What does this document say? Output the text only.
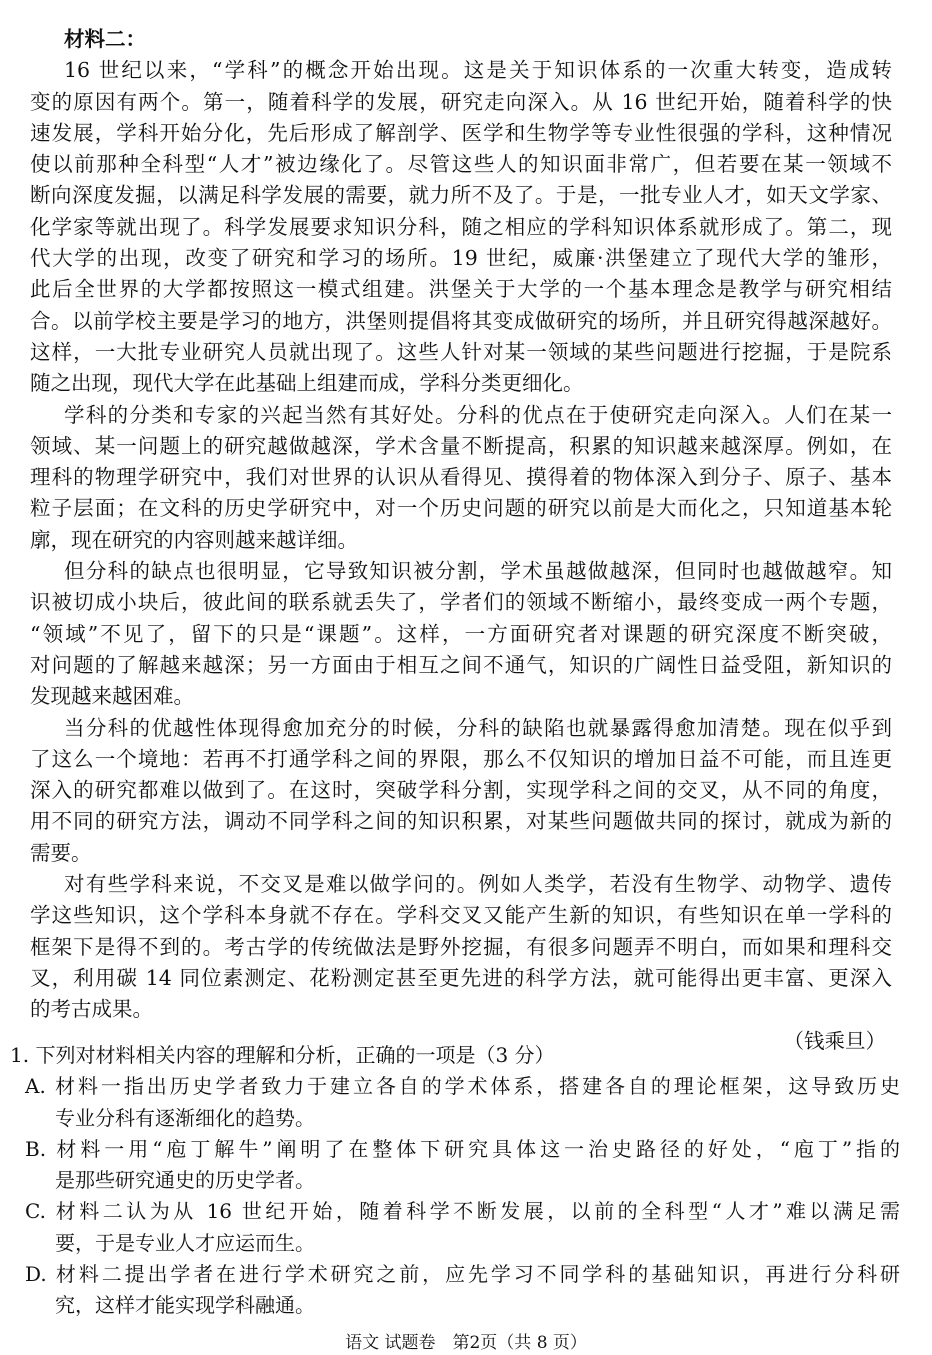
材料二：
16 世纪以来，“学科”的概念开始出现。这是关于知识体系的一次重大转变，造成转
变的原因有两个。第一，随着科学的发展，研究走向深入。从 16 世纪开始，随着科学的快
速发展，学科开始分化，先后形成了解剖学、医学和生物学等专业性很强的学科，这种情况
使以前那种全科型“人才”被边缘化了。尽管这些人的知识面非常广，但若要在某一领域不
断向深度发掘，以满足科学发展的需要，就力所不及了。于是，一批专业人才，如天文学家、
化学家等就出现了。科学发展要求知识分科，随之相应的学科知识体系就形成了。第二，现
代大学的出现，改变了研究和学习的场所。19 世纪，威廉·洪堡建立了现代大学的雏形，
此后全世界的大学都按照这一模式组建。洪堡关于大学的一个基本理念是教学与研究相结
合。以前学校主要是学习的地方，洪堡则提倡将其变成做研究的场所，并且研究得越深越好。
这样，一大批专业研究人员就出现了。这些人针对某一领域的某些问题进行挖掘，于是院系
随之出现，现代大学在此基础上组建而成，学科分类更细化。
学科的分类和专家的兴起当然有其好处。分科的优点在于使研究走向深入。人们在某一
领域、某一问题上的研究越做越深，学术含量不断提高，积累的知识越来越深厚。例如，在
理科的物理学研究中，我们对世界的认识从看得见、摸得着的物体深入到分子、原子、基本
粒子层面；在文科的历史学研究中，对一个历史问题的研究以前是大而化之，只知道基本轮
廓，现在研究的内容则越来越详细。
但分科的缺点也很明显，它导致知识被分割，学术虽越做越深，但同时也越做越窄。知
识被切成小块后，彼此间的联系就丢失了，学者们的领域不断缩小，最终变成一两个专题，
“领域”不见了，留下的只是“课题”。这样，一方面研究者对课题的研究深度不断突破，
对问题的了解越来越深；另一方面由于相互之间不通气，知识的广阔性日益受阻，新知识的
发现越来越困难。
当分科的优越性体现得愈加充分的时候，分科的缺陷也就暴露得愈加清楚。现在似乎到
了这么一个境地：若再不打通学科之间的界限，那么不仅知识的增加日益不可能，而且连更
深入的研究都难以做到了。在这时，突破学科分割，实现学科之间的交叉，从不同的角度，
用不同的研究方法，调动不同学科之间的知识积累，对某些问题做共同的探讨，就成为新的
需要。
对有些学科来说，不交叉是难以做学问的。例如人类学，若没有生物学、动物学、遗传
学这些知识，这个学科本身就不存在。学科交叉又能产生新的知识，有些知识在单一学科的
框架下是得不到的。考古学的传统做法是野外挖掘，有很多问题弄不明白，而如果和理科交
叉，利用碳 14 同位素测定、花粉测定甚至更先进的科学方法，就可能得出更丰富、更深入
的考古成果。
（钱乘旦）
1. 下列对材料相关内容的理解和分析，正确的一项是（3 分）
A. 材料一指出历史学者致力于建立各自的学术体系，搭建各自的理论框架，这导致历史
专业分科有逐渐细化的趋势。
B. 材料一用“庖丁解牛”阐明了在整体下研究具体这一治史路径的好处，“庖丁”指的
是那些研究通史的历史学者。
C. 材料二认为从 16 世纪开始，随着科学不断发展，以前的全科型“人才”难以满足需
要，于是专业人才应运而生。
D. 材料二提出学者在进行学术研究之前，应先学习不同学科的基础知识，再进行分科研
究，这样才能实现学科融通。
语文 试题卷　第2页（共 8 页）
